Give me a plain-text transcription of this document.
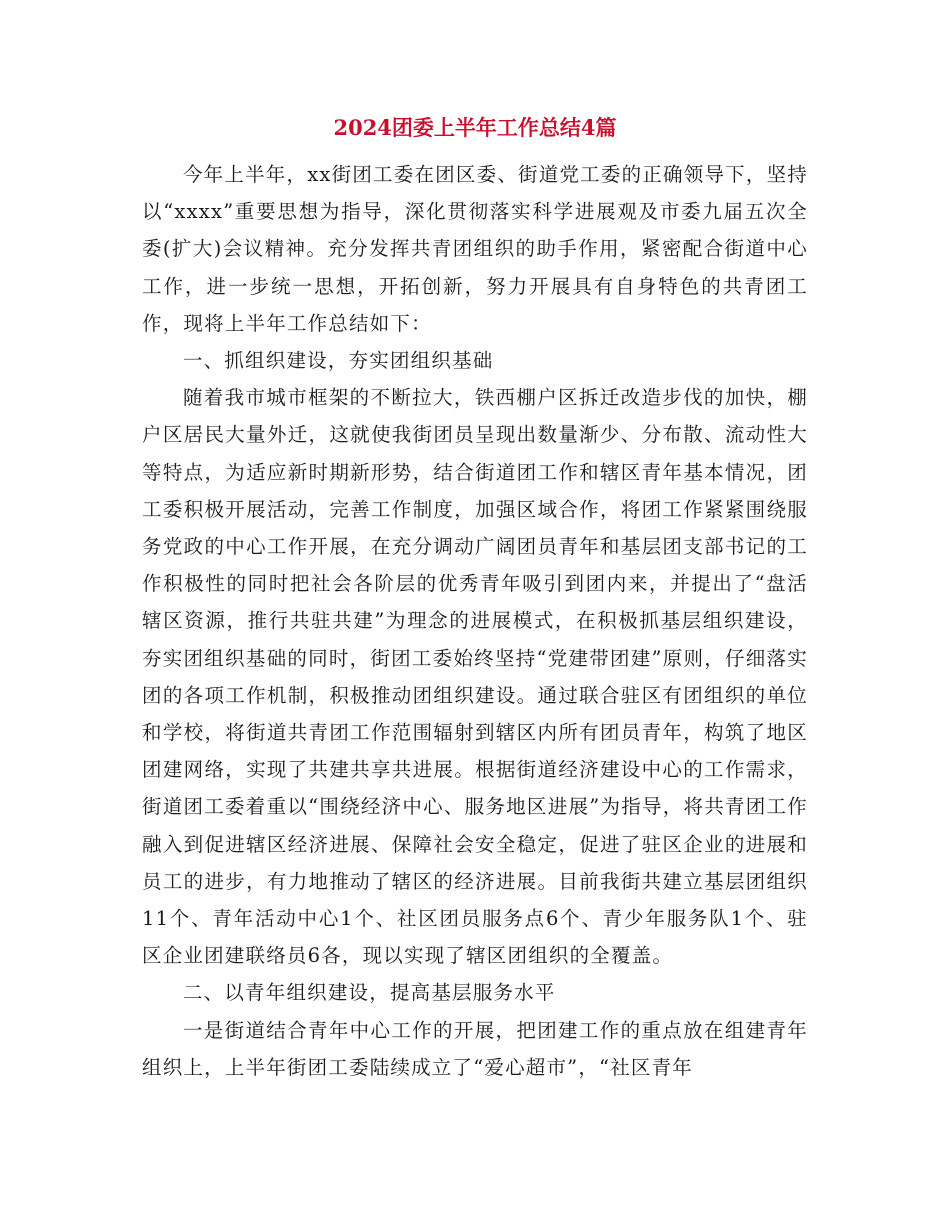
2024团委上半年工作总结4篇

今年上半年，xx街团工委在团区委、街道党工委的正确领导下，坚持以“xxxx”重要思想为指导，深化贯彻落实科学进展观及市委九届五次全委(扩大)会议精神。充分发挥共青团组织的助手作用，紧密配合街道中心工作，进一步统一思想，开拓创新，努力开展具有自身特色的共青团工作，现将上半年工作总结如下：

一、抓组织建设，夯实团组织基础

随着我市城市框架的不断拉大，铁西棚户区拆迁改造步伐的加快，棚户区居民大量外迁，这就使我街团员呈现出数量渐少、分布散、流动性大等特点，为适应新时期新形势，结合街道团工作和辖区青年基本情况，团工委积极开展活动，完善工作制度，加强区域合作，将团工作紧紧围绕服务党政的中心工作开展，在充分调动广阔团员青年和基层团支部书记的工作积极性的同时把社会各阶层的优秀青年吸引到团内来，并提出了“盘活辖区资源，推行共驻共建”为理念的进展模式，在积极抓基层组织建设，夯实团组织基础的同时，街团工委始终坚持“党建带团建”原则，仔细落实团的各项工作机制，积极推动团组织建设。通过联合驻区有团组织的单位和学校，将街道共青团工作范围辐射到辖区内所有团员青年，构筑了地区团建网络，实现了共建共享共进展。根据街道经济建设中心的工作需求，街道团工委着重以“围绕经济中心、服务地区进展”为指导，将共青团工作融入到促进辖区经济进展、保障社会安全稳定，促进了驻区企业的进展和员工的进步，有力地推动了辖区的经济进展。目前我街共建立基层团组织11个、青年活动中心1个、社区团员服务点6个、青少年服务队1个、驻区企业团建联络员6各，现以实现了辖区团组织的全覆盖。

二、以青年组织建设，提高基层服务水平

一是街道结合青年中心工作的开展，把团建工作的重点放在组建青年组织上，上半年街团工委陆续成立了“爱心超市”，“社区青年
